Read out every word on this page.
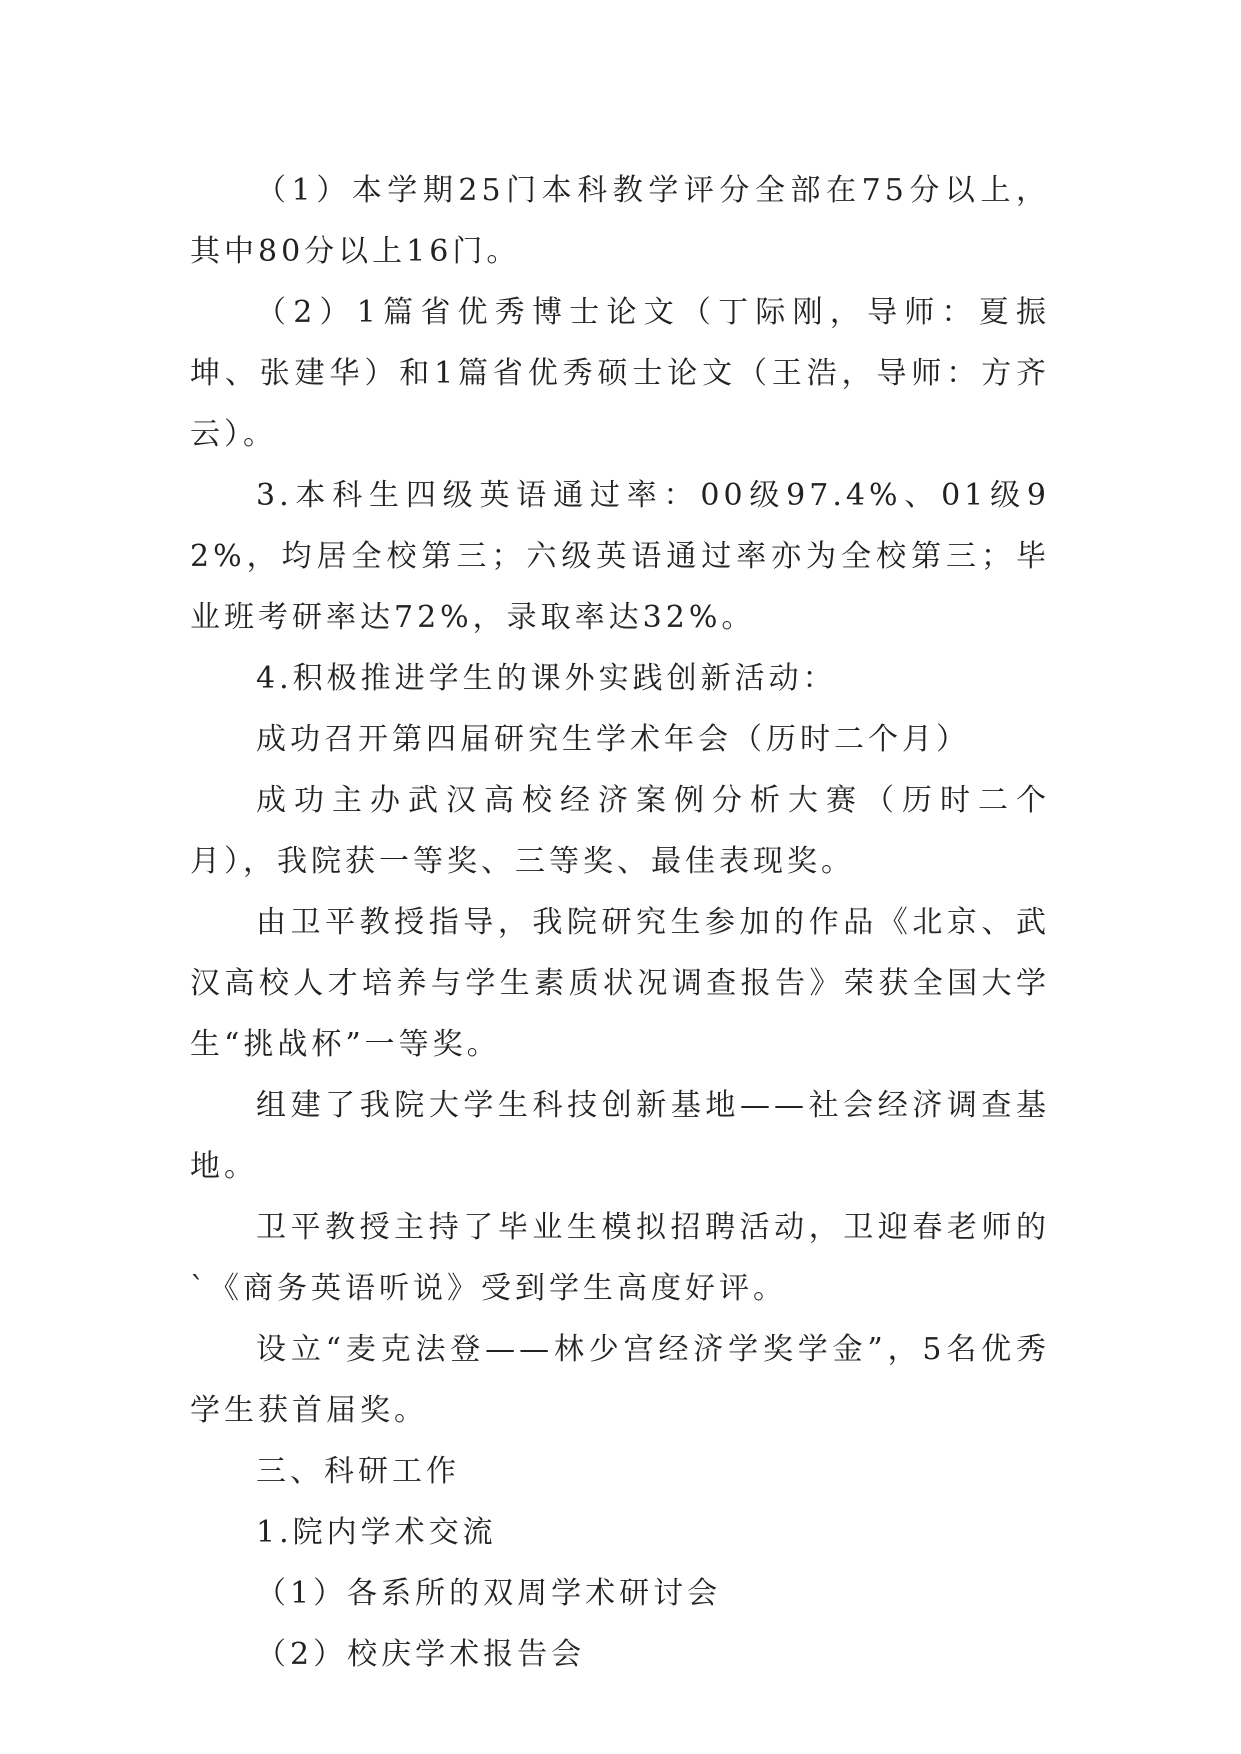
（1）本学期25门本科教学评分全部在75分以上，其中80分以上16门。

（2）1篇省优秀博士论文（丁际刚，导师：夏振坤、张建华）和1篇省优秀硕士论文（王浩，导师：方齐云）。

3.本科生四级英语通过率：00级97.4%、01级92%，均居全校第三；六级英语通过率亦为全校第三；毕业班考研率达72%，录取率达32%。

4.积极推进学生的课外实践创新活动：

成功召开第四届研究生学术年会（历时二个月）

成功主办武汉高校经济案例分析大赛（历时二个月），我院获一等奖、三等奖、最佳表现奖。

由卫平教授指导，我院研究生参加的作品《北京、武汉高校人才培养与学生素质状况调查报告》荣获全国大学生“挑战杯”一等奖。

组建了我院大学生科技创新基地——社会经济调查基地。

卫平教授主持了毕业生模拟招聘活动，卫迎春老师的`《商务英语听说》受到学生高度好评。

设立“麦克法登——林少宫经济学奖学金”，5名优秀学生获首届奖。

三、科研工作

1.院内学术交流

（1）各系所的双周学术研讨会

（2）校庆学术报告会
